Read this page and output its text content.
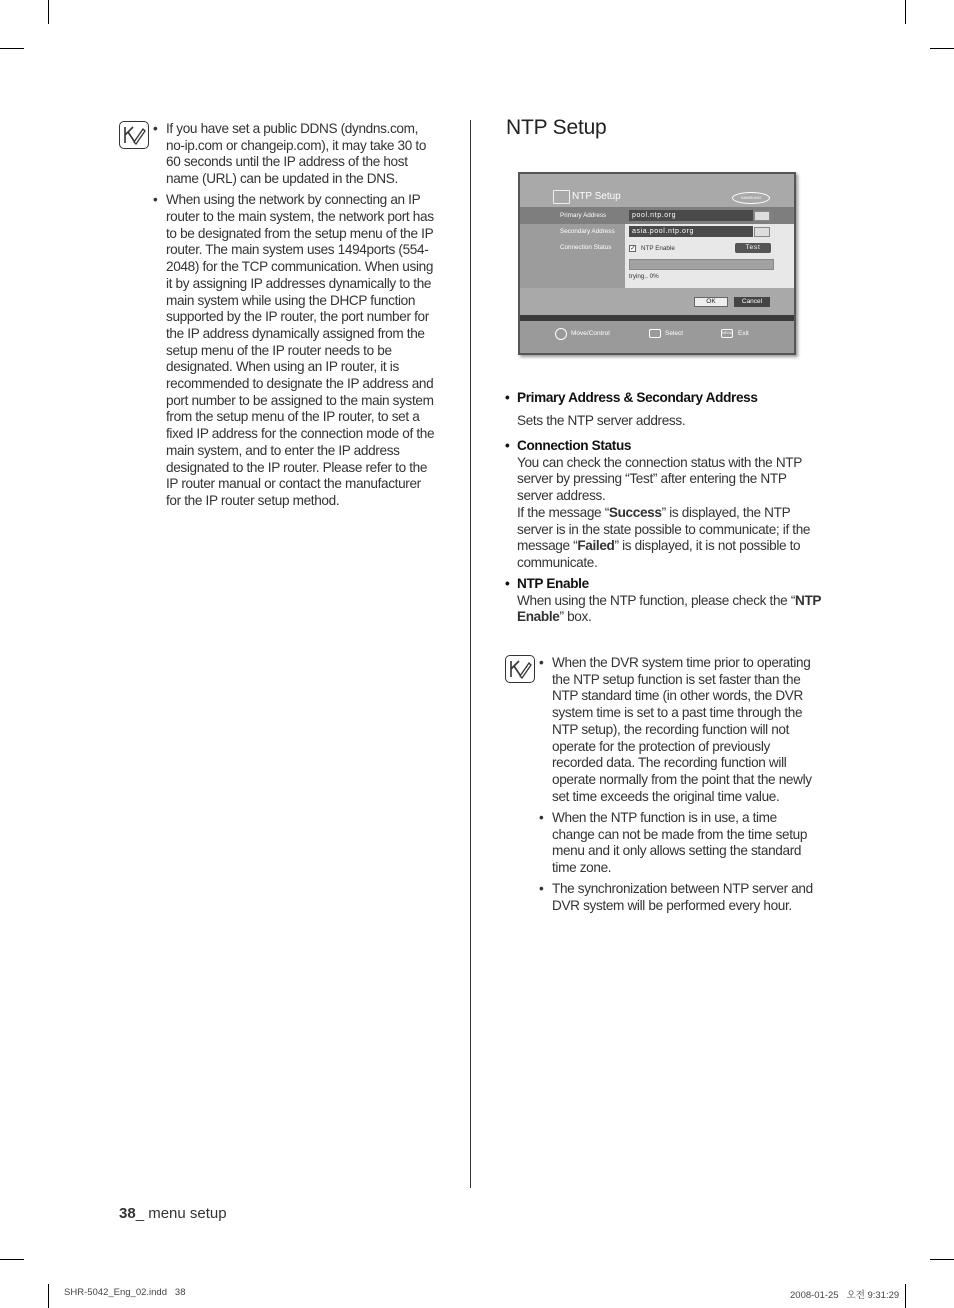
• If you have set a public DDNS (dyndns.com, no-ip.com or changeip.com), it may take 30 to 60 seconds until the IP address of the host name (URL) can be updated in the DNS.
• When using the network by connecting an IP router to the main system, the network port has to be designated from the setup menu of the IP router. The main system uses 1494ports (554-2048) for the TCP communication. When using it by assigning IP addresses dynamically to the main system while using the DHCP function supported by the IP router, the port number for the IP address dynamically assigned from the setup menu of the IP router needs to be designated. When using an IP router, it is recommended to designate the IP address and port number to be assigned to the main system from the setup menu of the IP router, to set a fixed IP address for the connection mode of the main system, and to enter the IP address designated to the IP router. Please refer to the IP router manual or contact the manufacturer for the IP router setup method.
NTP Setup
NTP Setup	SAMSUNG
Primary Address	pool.ntp.org
Secondary Address	asia.pool.ntp.org
Connection Status	✓ NTP Enable	Test
trying.. 0%
OK	Cancel
Move/Control	Select	MENU Exit
• Primary Address & Secondary Address
Sets the NTP server address.
• Connection Status
You can check the connection status with the NTP server by pressing “Test” after entering the NTP server address.
If the message “Success” is displayed, the NTP server is in the state possible to communicate; if the message “Failed” is displayed, it is not possible to communicate.
• NTP Enable
When using the NTP function, please check the “NTP Enable” box.
• When the DVR system time prior to operating the NTP setup function is set faster than the NTP standard time (in other words, the DVR system time is set to a past time through the NTP setup), the recording function will not operate for the protection of previously recorded data. The recording function will operate normally from the point that the newly set time exceeds the original time value.
• When the NTP function is in use, a time change can not be made from the time setup menu and it only allows setting the standard time zone.
• The synchronization between NTP server and DVR system will be performed every hour.
38_ menu setup
SHR-5042_Eng_02.indd   38	2008-01-25   오전 9:31:29
